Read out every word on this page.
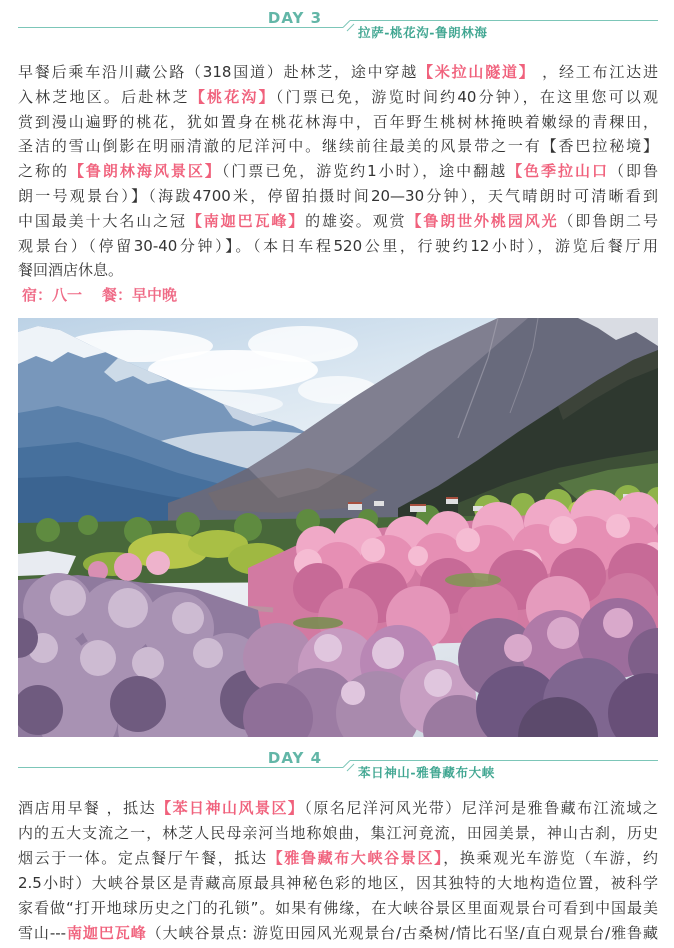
DAY 3
拉萨-桃花沟-鲁朗林海
早餐后乘车沿川藏公路（318国道）赴林芝，途中穿越【米拉山隧道】 ，经工布江达进
入林芝地区。后赴林芝【桃花沟】（门票已免，游览时间约40分钟），在这里您可以观
赏到漫山遍野的桃花，犹如置身在桃花林海中，百年野生桃树林掩映着嫩绿的青稞田，
圣洁的雪山倒影在明丽清澈的尼洋河中。继续前往最美的风景带之一有【香巴拉秘境】
之称的【鲁朗林海风景区】（门票已免，游览约1小时），途中翻越【色季拉山口（即鲁
朗一号观景台）】（海跋4700米，停留拍摄时间20—30分钟），天气晴朗时可清晰看到
中国最美十大名山之冠【南迦巴瓦峰】的雄姿。观赏【鲁朗世外桃园风光（即鲁朗二号
观景台）（停留30-40分钟）】。（本日车程520公里，行驶约12小时），游览后餐厅用
餐回酒店休息。
宿：八一 餐：早中晚
DAY 4
苯日神山-雅鲁藏布大峡
酒店用早餐 ，抵达【苯日神山风景区】（原名尼洋河风光带）尼洋河是雅鲁藏布江流域之
内的五大支流之一，林芝人民母亲河当地称娘曲，集江河竟流，田园美景，神山古刹，历史
烟云于一体。定点餐厅午餐，抵达【雅鲁藏布大峡谷景区】，换乘观光车游览（车游，约
2.5小时）大峡谷景区是青藏高原最具神秘色彩的地区，因其独特的大地构造位置，被科学
家看做“打开地球历史之门的孔锁”。如果有佛缘，在大峡谷景区里面观景台可看到中国最美
雪山---南迦巴瓦峰（大峡谷景点: 游览田园风光观景台/古桑树/情比石坚/直白观景台/雅鲁藏
